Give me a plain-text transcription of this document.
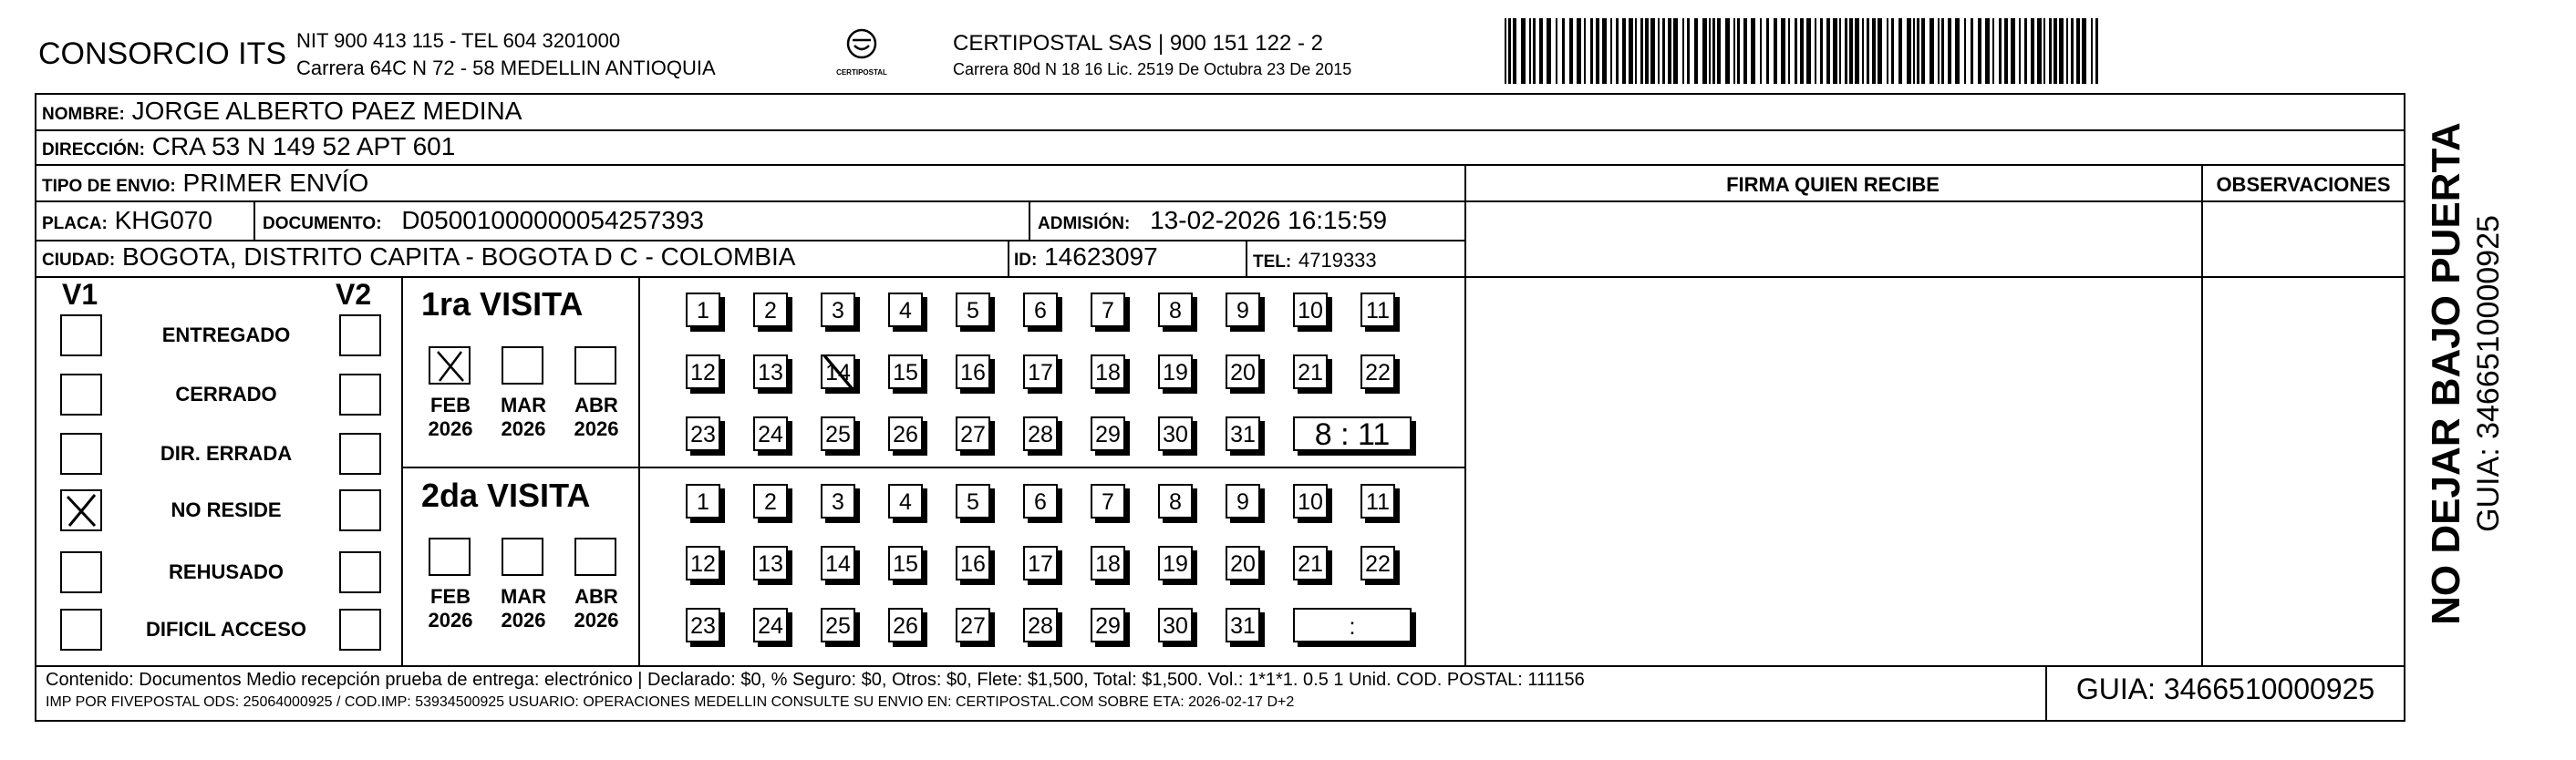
CONSORCIO ITS NIT 900 413 115 - TEL 604 3201000
Carrera 64C N 72 - 58 MEDELLIN ANTIOQUIA	CERTIPOSTAL
CERTIPOSTAL SAS | 900 151 122 - 2
Carrera 80d N 18 16 Lic. 2519 De Octubra 23 De 2015
NOMBRE: JORGE ALBERTO PAEZ MEDINA
DIRECCIÓN: CRA 53 N 149 52 APT 601
TIPO DE ENVIO: PRIMER ENVÍO
PLACA: KHG070	DOCUMENTO: D05001000000054257393	ADMISIÓN: 13-02-2026 16:15:59
CIUDAD: BOGOTA, DISTRITO CAPITA - BOGOTA D C - COLOMBIA	ID: 14623097	TEL: 4719333
FIRMA QUIEN RECIBE	OBSERVACIONES
V1	V2
ENTREGADO
CERRADO
DIR. ERRADA
NO RESIDE
REHUSADO
DIFICIL ACCESO
1ra VISITA
FEB
2026
MAR
2026
ABR
2026
1	2	3	4	5	6	7	8	9	10 11
12 13 14 15 16 17 18 19 20 21 22
23 24 25 26 27 28 29 30 31	8 : 11
2da VISITA
FEB
2026
MAR
2026
ABR
2026
1	2	3	4	5	6	7	8	9	10 11
12 13 14 15 16 17 18 19 20 21 22
23 24 25 26 27 28 29 30 31	:
Contenido: Documentos Medio recepción prueba de entrega: electrónico | Declarado: $0, % Seguro: $0, Otros: $0, Flete: $1,500, Total: $1,500. Vol.: 1*1*1. 0.5 1 Unid. COD. POSTAL: 111156
IMP POR FIVEPOSTAL ODS: 25064000925 / COD.IMP: 53934500925 USUARIO: OPERACIONES MEDELLIN CONSULTE SU ENVIO EN: CERTIPOSTAL.COM SOBRE ETA: 2026-02-17 D+2	GUIA: 3466510000925
NO DEJAR BAJO PUERTA GUIA: 3466510000925
